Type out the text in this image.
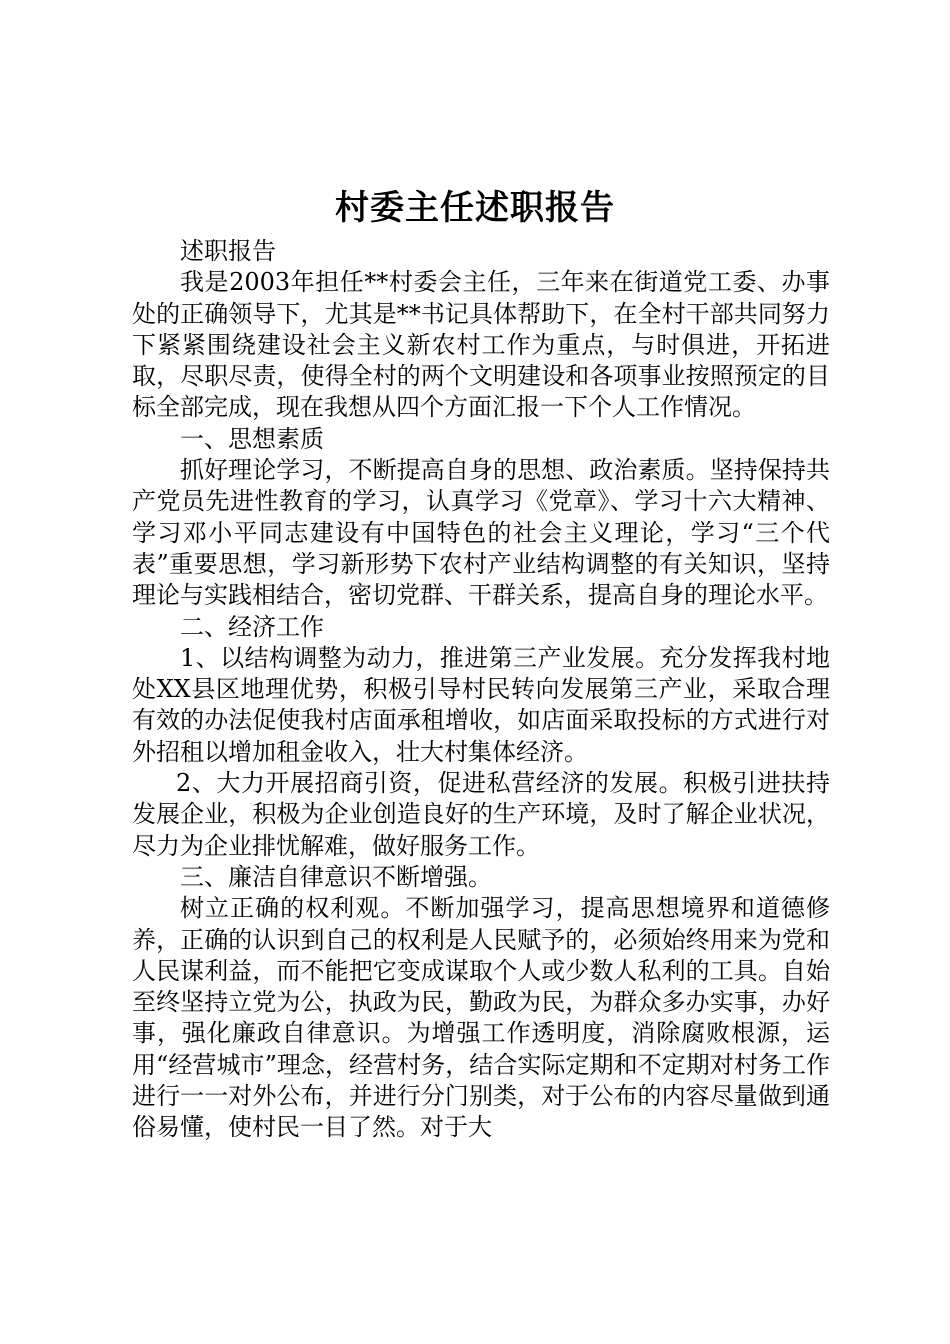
村委主任述职报告

述职报告

我是2003年担任**村委会主任，三年来在街道党工委、办事处的正确领导下，尤其是**书记具体帮助下，在全村干部共同努力下紧紧围绕建设社会主义新农村工作为重点，与时俱进，开拓进取，尽职尽责，使得全村的两个文明建设和各项事业按照预定的目标全部完成，现在我想从四个方面汇报一下个人工作情况。

一、思想素质

抓好理论学习，不断提高自身的思想、政治素质。坚持保持共产党员先进性教育的学习，认真学习《党章》、学习十六大精神、学习邓小平同志建设有中国特色的社会主义理论，学习“三个代表”重要思想，学习新形势下农村产业结构调整的有关知识，坚持理论与实践相结合，密切党群、干群关系，提高自身的理论水平。

二、经济工作

1、以结构调整为动力，推进第三产业发展。充分发挥我村地处XX县区地理优势，积极引导村民转向发展第三产业，采取合理有效的办法促使我村店面承租增收，如店面采取投标的方式进行对外招租以增加租金收入，壮大村集体经济。

2、大力开展招商引资，促进私营经济的发展。积极引进扶持发展企业，积极为企业创造良好的生产环境，及时了解企业状况，尽力为企业排忧解难，做好服务工作。

三、廉洁自律意识不断增强。

树立正确的权利观。不断加强学习，提高思想境界和道德修养，正确的认识到自己的权利是人民赋予的，必须始终用来为党和人民谋利益，而不能把它变成谋取个人或少数人私利的工具。自始至终坚持立党为公，执政为民，勤政为民，为群众多办实事，办好事，强化廉政自律意识。为增强工作透明度，消除腐败根源，运用“经营城市”理念，经营村务，结合实际定期和不定期对村务工作进行一一对外公布，并进行分门别类，对于公布的内容尽量做到通俗易懂，使村民一目了然。对于大
